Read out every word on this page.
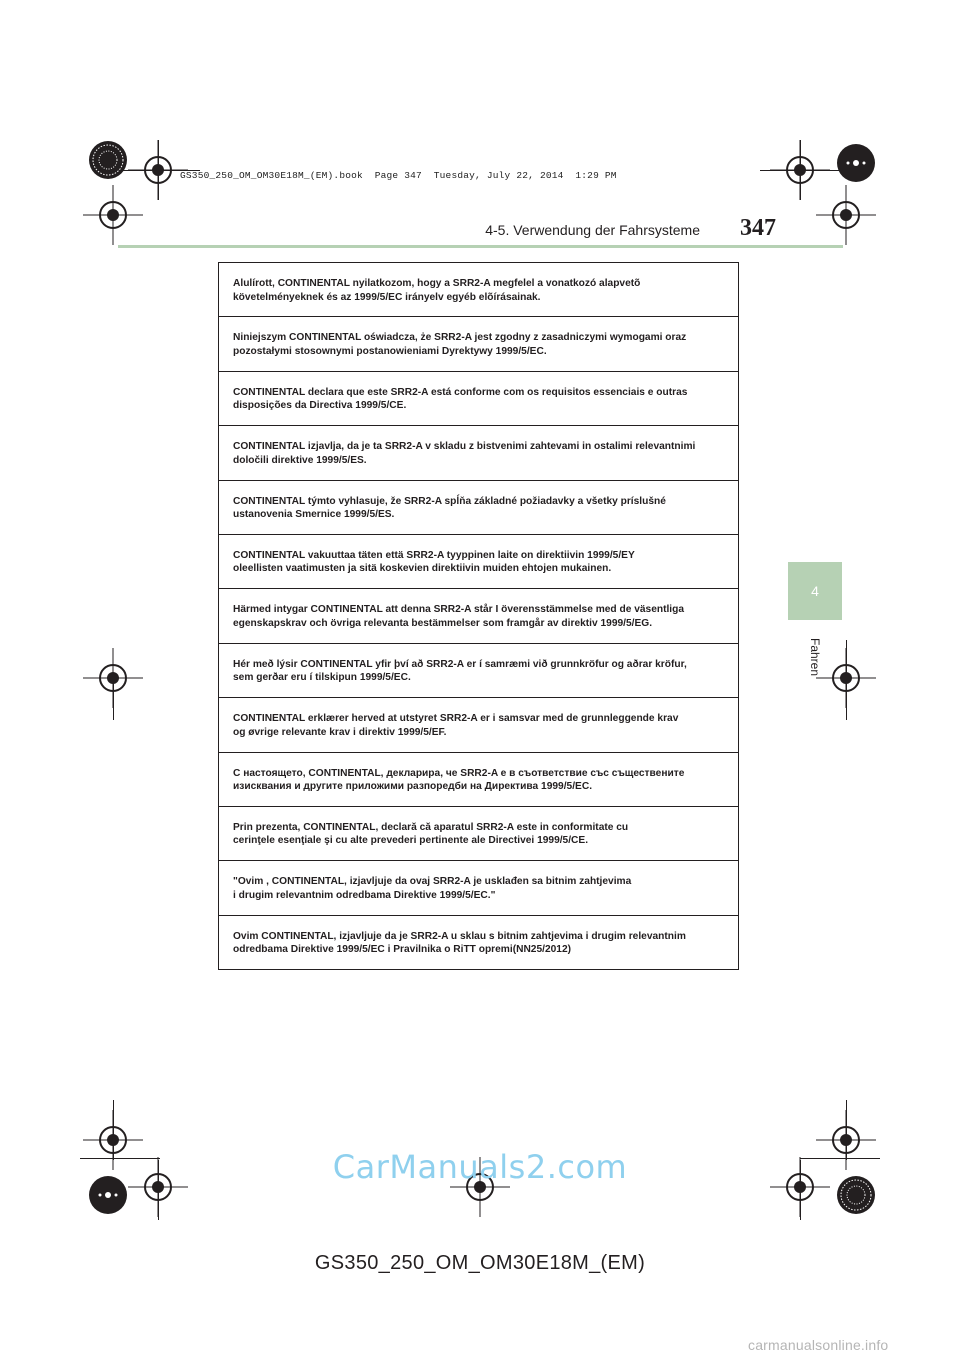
GS350_250_OM_OM30E18M_(EM).book  Page 347  Tuesday, July 22, 2014  1:29 PM
4-5. Verwendung der Fahrsysteme	347
4
Fahren
Alulírott, CONTINENTAL nyilatkozom, hogy a SRR2-A megfelel a vonatkozó alapvetõ
követelményeknek és az 1999/5/EC irányelv egyéb elõírásainak.
Niniejszym CONTINENTAL oświadcza, że SRR2-A jest zgodny z zasadniczymi wymogami oraz
pozostałymi stosownymi postanowieniami Dyrektywy 1999/5/EC.
CONTINENTAL declara que este SRR2-A está conforme com os requisitos essenciais e outras
disposições da Directiva 1999/5/CE.
CONTINENTAL izjavlja, da je ta SRR2-A v skladu z bistvenimi zahtevami in ostalimi relevantnimi
določili direktive 1999/5/ES.
CONTINENTAL týmto vyhlasuje, že SRR2-A spĺňa základné požiadavky a všetky príslušné
ustanovenia Smernice 1999/5/ES.
CONTINENTAL vakuuttaa täten että SRR2-A tyyppinen laite on direktiivin 1999/5/EY
oleellisten vaatimusten ja sitä koskevien direktiivin muiden ehtojen mukainen.
Härmed intygar CONTINENTAL att denna SRR2-A står I överensstämmelse med de väsentliga
egenskapskrav och övriga relevanta bestämmelser som framgår av direktiv 1999/5/EG.
Hér með lýsir CONTINENTAL yfir því að SRR2-A er í samræmi við grunnkröfur og aðrar kröfur,
sem gerðar eru í tilskipun 1999/5/EC.
CONTINENTAL erklærer herved at utstyret SRR2-A er i samsvar med de grunnleggende krav
og øvrige relevante krav i direktiv 1999/5/EF.
С настоящето, CONTINENTAL, декларира, че SRR2-A е в съответствие със съществените
изисквания и другите приложими разпоредби на Директива 1999/5/EC.
Prin prezenta, CONTINENTAL, declară că aparatul SRR2-A este in conformitate cu
cerinţele esenţiale şi cu alte prevederi pertinente ale Directivei 1999/5/CE.
"Ovim , CONTINENTAL, izjavljuje da ovaj SRR2-A je usklađen sa bitnim zahtjevima
i drugim relevantnim odredbama Direktive 1999/5/EC."
Ovim CONTINENTAL, izjavljuje da je SRR2-A u sklau s bitnim zahtjevima i drugim relevantnim
odredbama Direktive 1999/5/EC i Pravilnika o RiTT opremi(NN25/2012)
CarManuals2.com
GS350_250_OM_OM30E18M_(EM)
carmanualsonline.info
